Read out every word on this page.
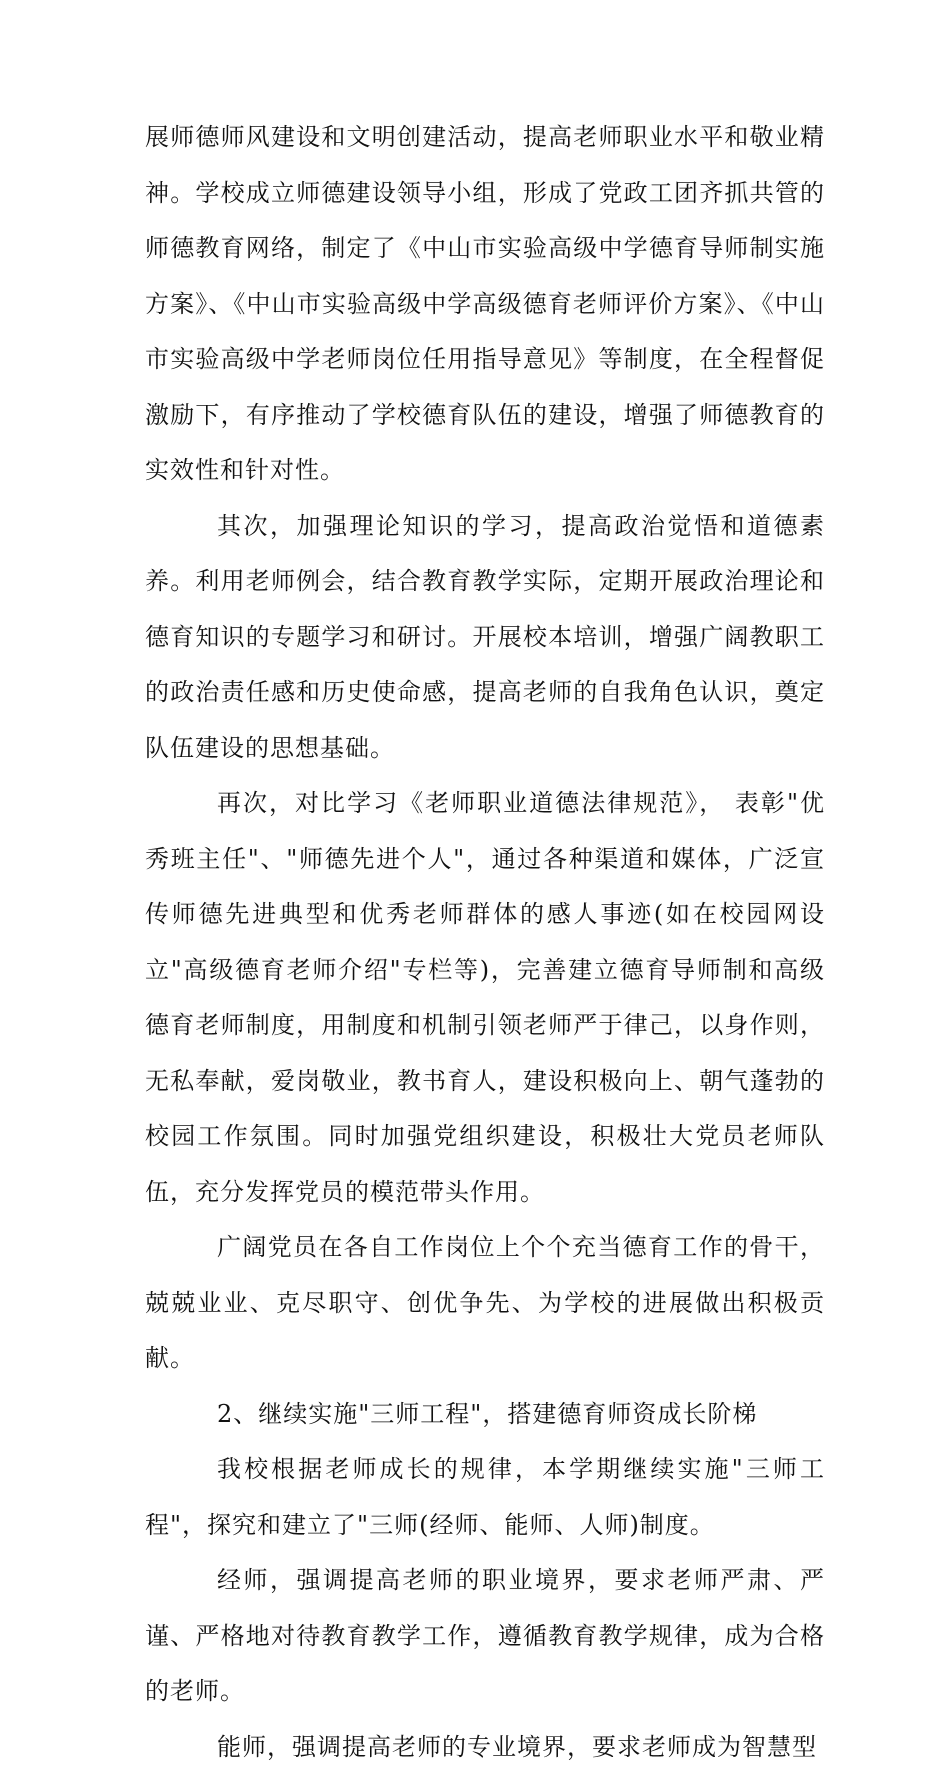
展师德师风建设和文明创建活动，提高老师职业水平和敬业精神。学校成立师德建设领导小组，形成了党政工团齐抓共管的师德教育网络，制定了《中山市实验高级中学德育导师制实施方案》、《中山市实验高级中学高级德育老师评价方案》、《中山市实验高级中学老师岗位任用指导意见》等制度，在全程督促激励下，有序推动了学校德育队伍的建设，增强了师德教育的实效性和针对性。

其次，加强理论知识的学习，提高政治觉悟和道德素养。利用老师例会，结合教育教学实际，定期开展政治理论和德育知识的专题学习和研讨。开展校本培训，增强广阔教职工的政治责任感和历史使命感，提高老师的自我角色认识，奠定队伍建设的思想基础。

再次，对比学习《老师职业道德法律规范》， 表彰"优秀班主任"、"师德先进个人"，通过各种渠道和媒体，广泛宣传师德先进典型和优秀老师群体的感人事迹(如在校园网设立"高级德育老师介绍"专栏等)，完善建立德育导师制和高级德育老师制度，用制度和机制引领老师严于律己，以身作则，无私奉献，爱岗敬业，教书育人，建设积极向上、朝气蓬勃的校园工作氛围。同时加强党组织建设，积极壮大党员老师队伍，充分发挥党员的模范带头作用。

广阔党员在各自工作岗位上个个充当德育工作的骨干，兢兢业业、克尽职守、创优争先、为学校的进展做出积极贡献。

2、继续实施"三师工程"，搭建德育师资成长阶梯

我校根据老师成长的规律，本学期继续实施"三师工程"，探究和建立了"三师(经师、能师、人师)制度。

经师，强调提高老师的职业境界，要求老师严肃、严谨、严格地对待教育教学工作，遵循教育教学规律，成为合格的老师。

能师，强调提高老师的专业境界，要求老师成为智慧型
